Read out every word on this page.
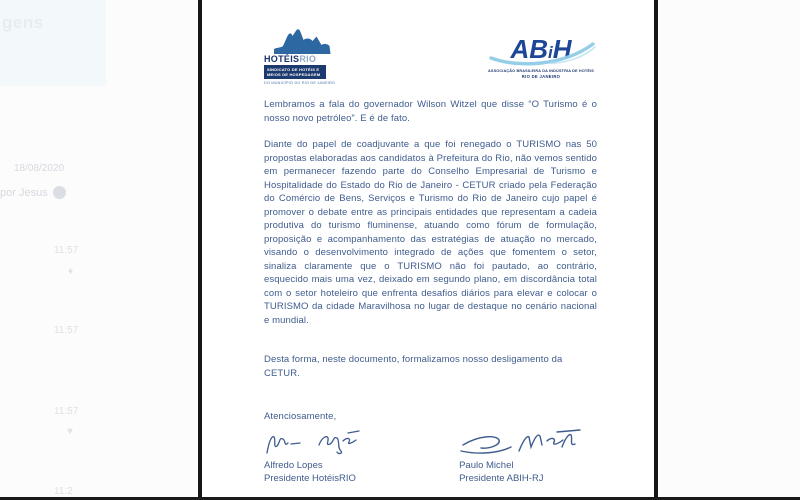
gens
18/08/2020
por Jesus
11:57
♦
11:57
11:57
♥
11:2
HOTÉISRIO
SINDICATO DE HOTÉIS E
MEIOS DE HOSPEDAGEM
DO MUNICÍPIO DO RIO DE JANEIRO
ABiH
ASSOCIAÇÃO BRASILEIRA DA INDÚSTRIA DE HOTÉIS
RIO DE JANEIRO
Lembramos a fala do governador Wilson Witzel que disse “O Turismo é o nosso novo petróleo”. E é de fato.
Diante do papel de coadjuvante a que foi renegado o TURISMO nas 50 propostas elaboradas aos candidatos à Prefeitura do Rio, não vemos sentido em permanecer fazendo parte do Conselho Empresarial de Turismo e Hospitalidade do Estado do Rio de Janeiro - CETUR criado pela Federação do Comércio de Bens, Serviços e Turismo do Rio de Janeiro cujo papel é promover o debate entre as principais entidades que representam a cadeia produtiva do turismo fluminense, atuando como fórum de formulação, proposição e acompanhamento das estratégias de atuação no mercado, visando o desenvolvimento integrado de ações que fomentem o setor, sinaliza claramente que o TURISMO não foi pautado, ao contrário, esquecido mais uma vez, deixado em segundo plano, em discordância total com o setor hoteleiro que enfrenta desafios diários para elevar e colocar o TURISMO da cidade Maravilhosa no lugar de destaque no cenário nacional e mundial.
Desta forma, neste documento, formalizamos nosso desligamento da CETUR.
Atenciosamente,
Alfredo Lopes
Presidente HotéisRIO
Paulo Michel
Presidente ABIH-RJ
